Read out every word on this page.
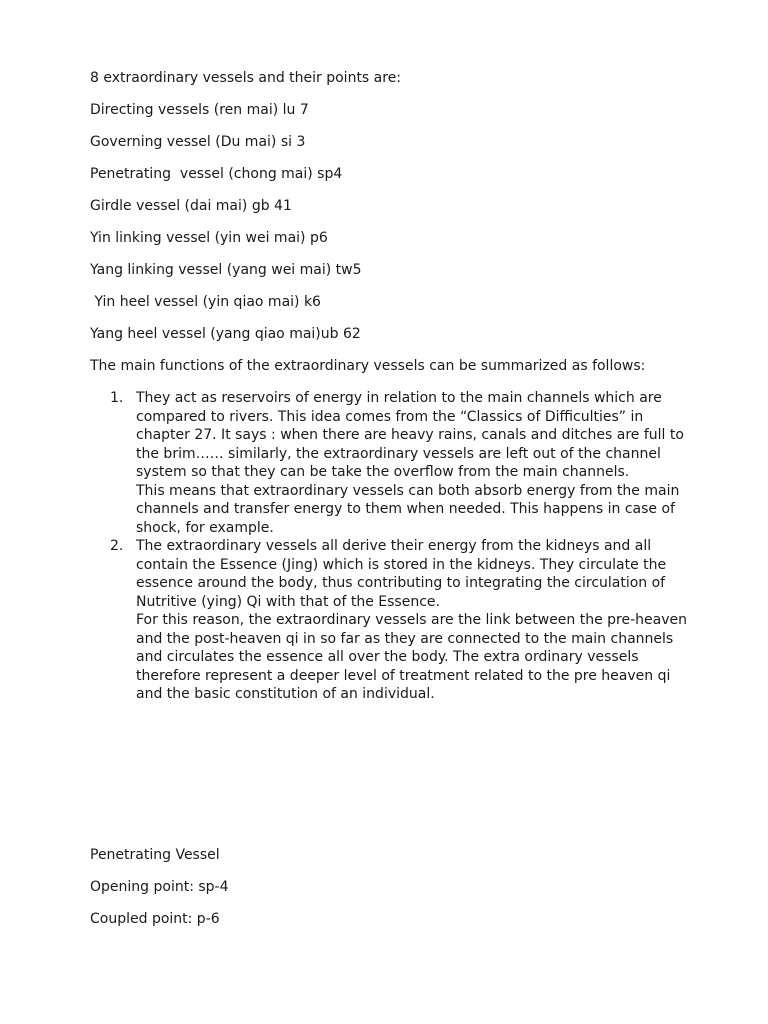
8 extraordinary vessels and their points are:
Directing vessels (ren mai) lu 7
Governing vessel (Du mai) si 3
Penetrating  vessel (chong mai) sp4
Girdle vessel (dai mai) gb 41
Yin linking vessel (yin wei mai) p6
Yang linking vessel (yang wei mai) tw5
Yin heel vessel (yin qiao mai) k6
Yang heel vessel (yang qiao mai)ub 62
The main functions of the extraordinary vessels can be summarized as follows:
1. They act as reservoirs of energy in relation to the main channels which are compared to rivers. This idea comes from the “Classics of Difficulties” in chapter 27. It says : when there are heavy rains, canals and ditches are full to the brim…… similarly, the extraordinary vessels are left out of the channel system so that they can be take the overflow from the main channels.
This means that extraordinary vessels can both absorb energy from the main channels and transfer energy to them when needed. This happens in case of shock, for example.
2. The extraordinary vessels all derive their energy from the kidneys and all contain the Essence (Jing) which is stored in the kidneys. They circulate the essence around the body, thus contributing to integrating the circulation of Nutritive (ying) Qi with that of the Essence.
For this reason, the extraordinary vessels are the link between the pre-heaven and the post-heaven qi in so far as they are connected to the main channels and circulates the essence all over the body. The extra ordinary vessels therefore represent a deeper level of treatment related to the pre heaven qi and the basic constitution of an individual.
Penetrating Vessel
Opening point: sp-4
Coupled point: p-6
